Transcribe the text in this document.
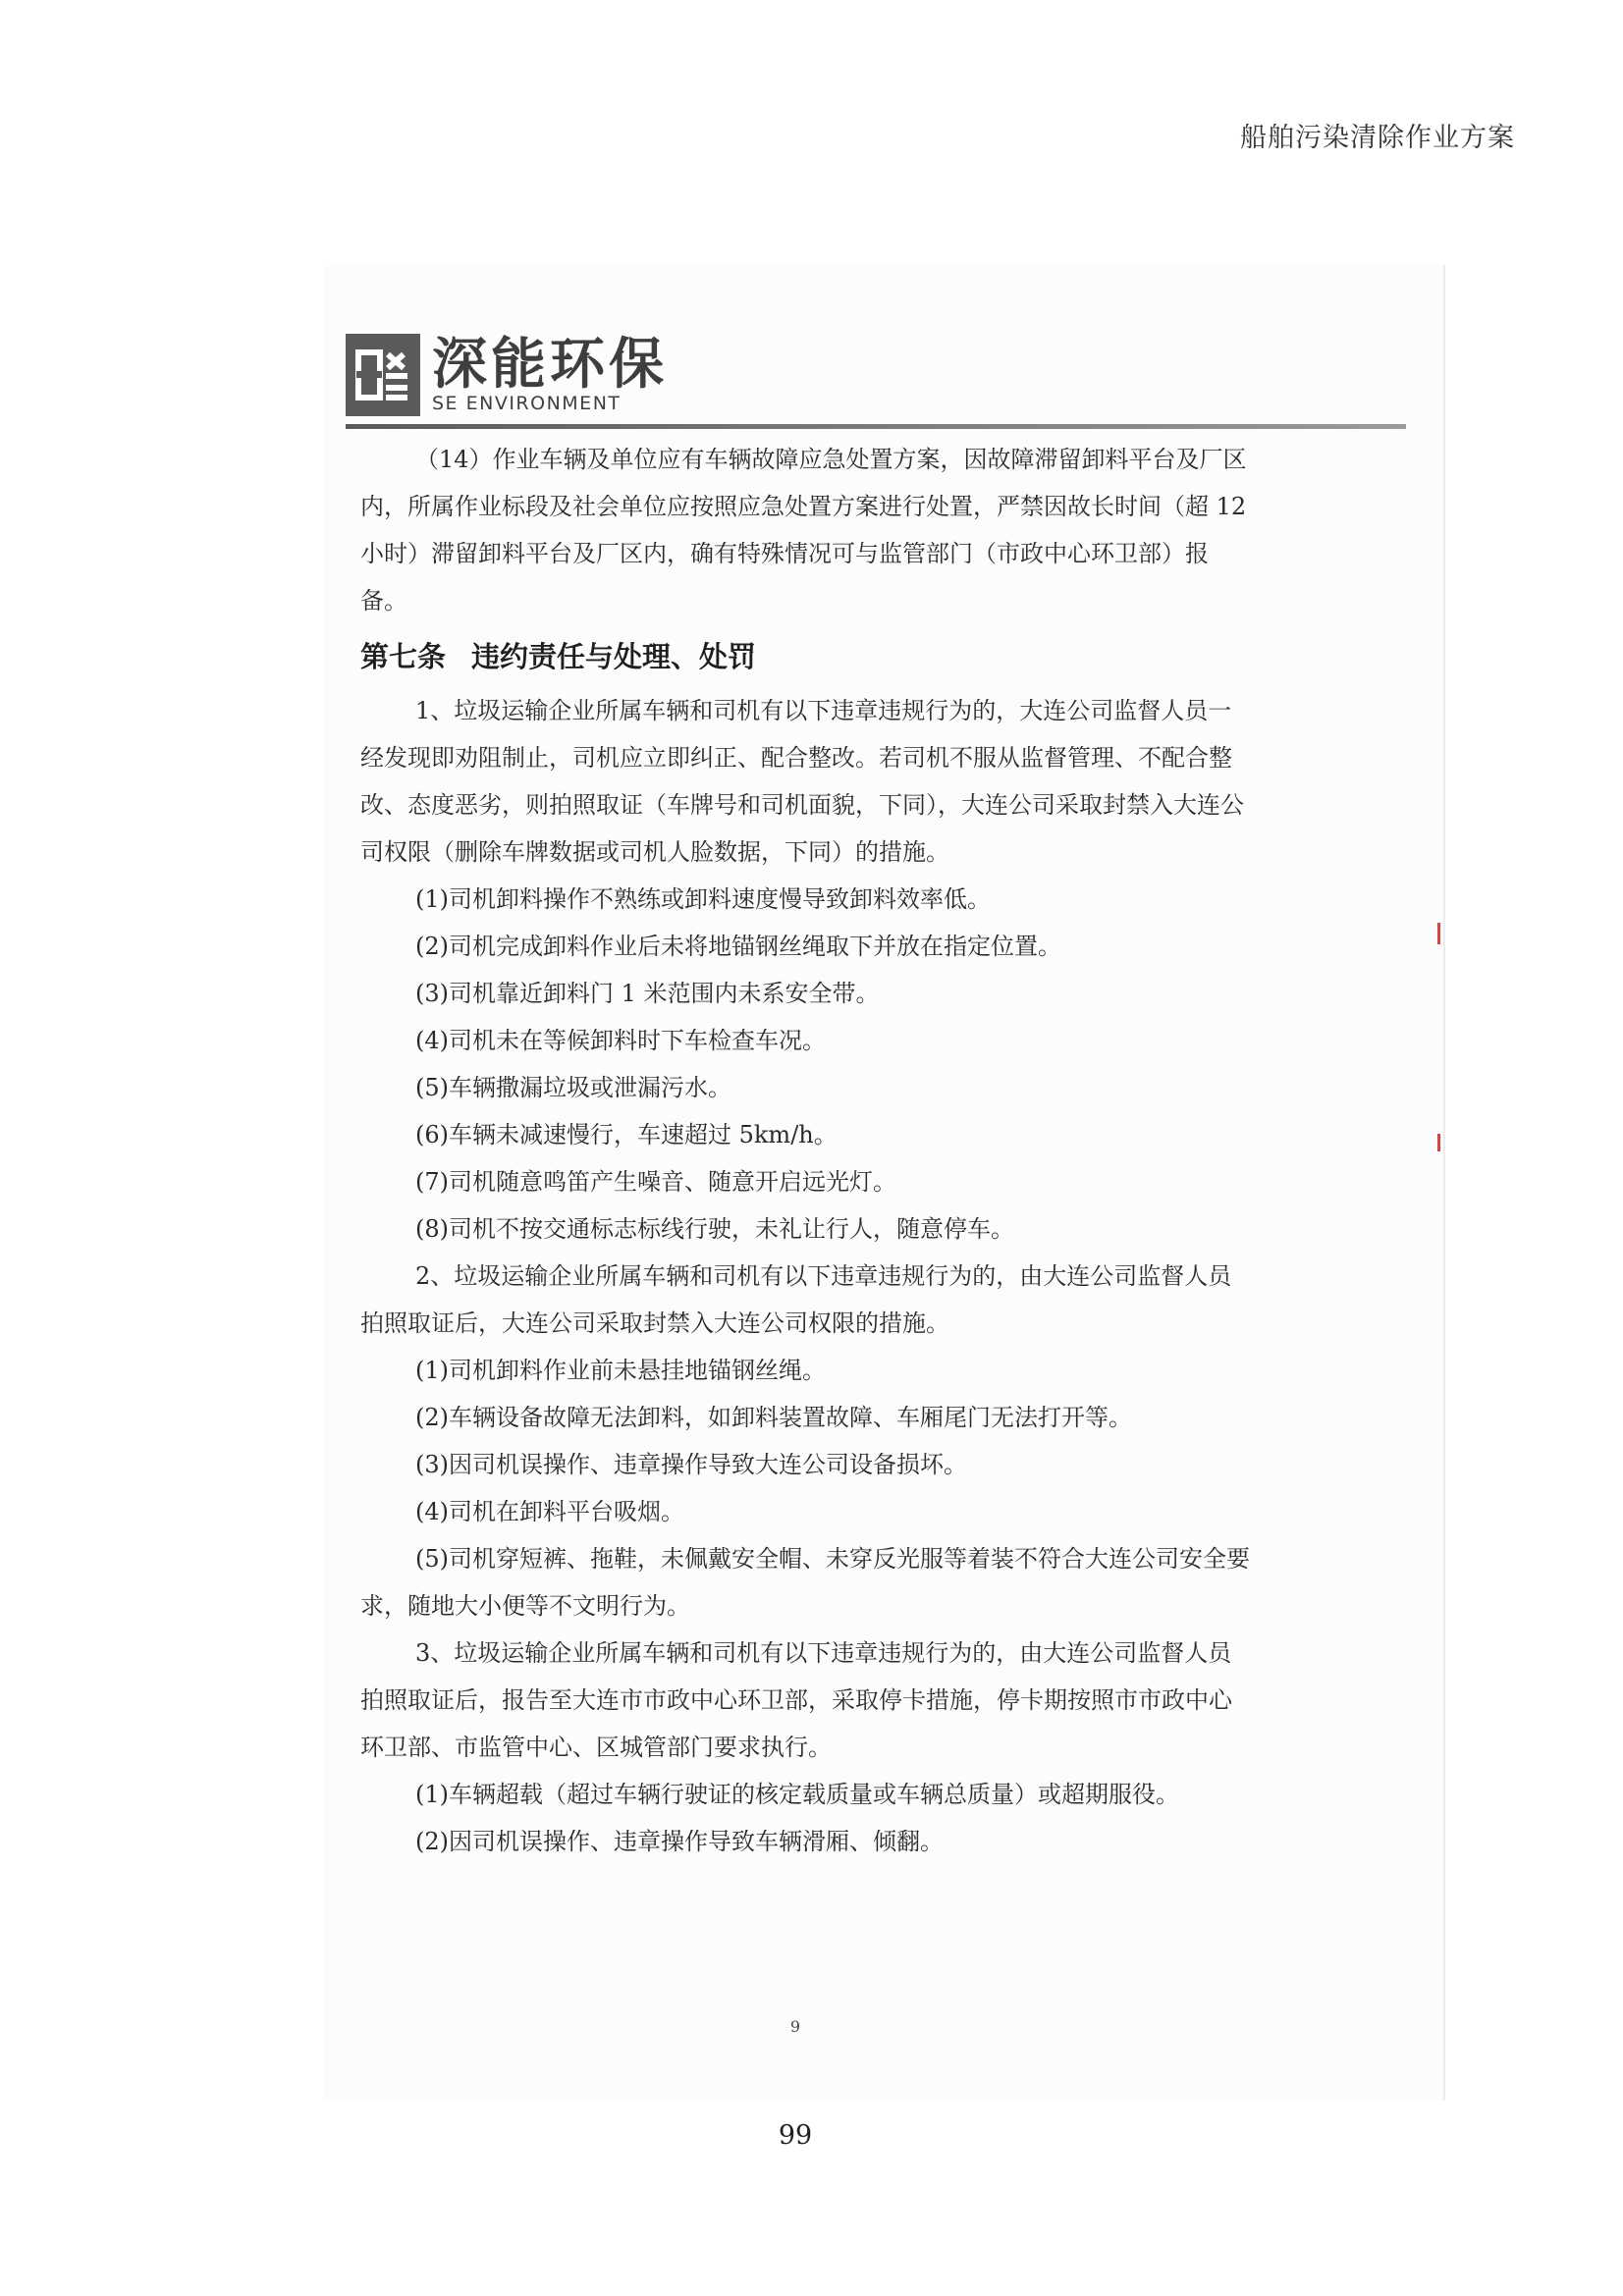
船舶污染清除作业方案
深能环保
SE ENVIRONMENT

（14）作业车辆及单位应有车辆故障应急处置方案，因故障滞留卸料平台及厂区内，所属作业标段及社会单位应按照应急处置方案进行处置，严禁因故长时间（超 12 小时）滞留卸料平台及厂区内，确有特殊情况可与监管部门（市政中心环卫部）报备。

第七条 违约责任与处理、处罚

1、垃圾运输企业所属车辆和司机有以下违章违规行为的，大连公司监督人员一经发现即劝阻制止，司机应立即纠正、配合整改。若司机不服从监督管理、不配合整改、态度恶劣，则拍照取证（车牌号和司机面貌，下同），大连公司采取封禁入大连公司权限（删除车牌数据或司机人脸数据，下同）的措施。

(1)司机卸料操作不熟练或卸料速度慢导致卸料效率低。

(2)司机完成卸料作业后未将地锚钢丝绳取下并放在指定位置。

(3)司机靠近卸料门 1 米范围内未系安全带。

(4)司机未在等候卸料时下车检查车况。

(5)车辆撒漏垃圾或泄漏污水。

(6)车辆未减速慢行，车速超过 5km/h。

(7)司机随意鸣笛产生噪音、随意开启远光灯。

(8)司机不按交通标志标线行驶，未礼让行人，随意停车。

2、垃圾运输企业所属车辆和司机有以下违章违规行为的，由大连公司监督人员拍照取证后，大连公司采取封禁入大连公司权限的措施。

(1)司机卸料作业前未悬挂地锚钢丝绳。

(2)车辆设备故障无法卸料，如卸料装置故障、车厢尾门无法打开等。

(3)因司机误操作、违章操作导致大连公司设备损坏。

(4)司机在卸料平台吸烟。

(5)司机穿短裤、拖鞋，未佩戴安全帽、未穿反光服等着装不符合大连公司安全要求，随地大小便等不文明行为。

3、垃圾运输企业所属车辆和司机有以下违章违规行为的，由大连公司监督人员拍照取证后，报告至大连市市政中心环卫部，采取停卡措施，停卡期按照市市政中心环卫部、市监管中心、区城管部门要求执行。

(1)车辆超载（超过车辆行驶证的核定载质量或车辆总质量）或超期服役。

(2)因司机误操作、违章操作导致车辆滑厢、倾翻。

9
99
